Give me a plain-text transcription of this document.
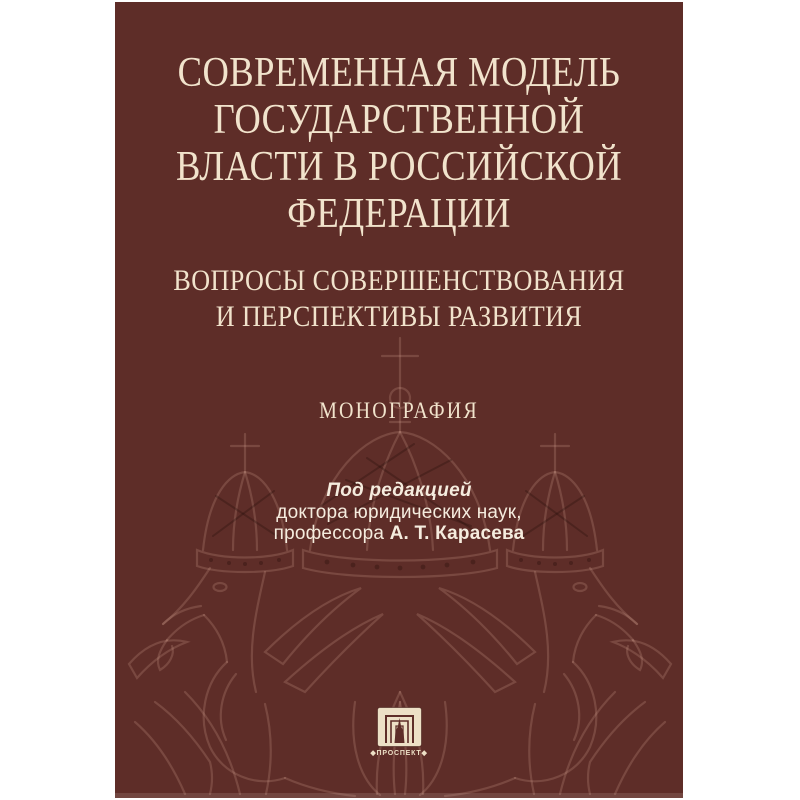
СОВРЕМЕННАЯ МОДЕЛЬ
ГОСУДАРСТВЕННОЙ
ВЛАСТИ В РОССИЙСКОЙ
ФЕДЕРАЦИИ
ВОПРОСЫ СОВЕРШЕНСТВОВАНИЯ
И ПЕРСПЕКТИВЫ РАЗВИТИЯ
МОНОГРАФИЯ
Под редакцией
доктора юридических наук,
профессора А. Т. Карасева
◆ПРОСПЕКТ◆
